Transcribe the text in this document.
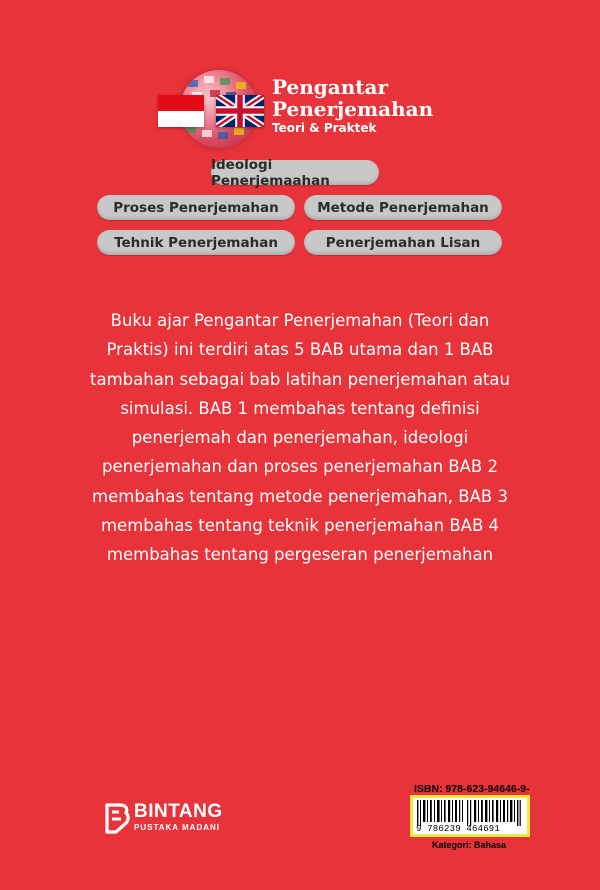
Pengantar
Penerjemahan
Teori & Praktek
Ideologi Penerjemaahan
Proses Penerjemahan	Metode Penerjemahan
Tehnik Penerjemahan	Penerjemahan Lisan
Buku ajar Pengantar Penerjemahan (Teori dan Praktis) ini terdiri atas 5 BAB utama dan 1 BAB tambahan sebagai bab latihan penerjemahan atau simulasi. BAB 1 membahas tentang definisi penerjemah dan penerjemahan, ideologi penerjemahan dan proses penerjemahan BAB 2 membahas tentang metode penerjemahan, BAB 3 membahas tentang teknik penerjemahan BAB 4 membahas tentang pergeseran penerjemahan
BINTANG
PUSTAKA MADANI
ISBN: 978-623-94646-9-
9 786239 464691
Kategori: Bahasa
